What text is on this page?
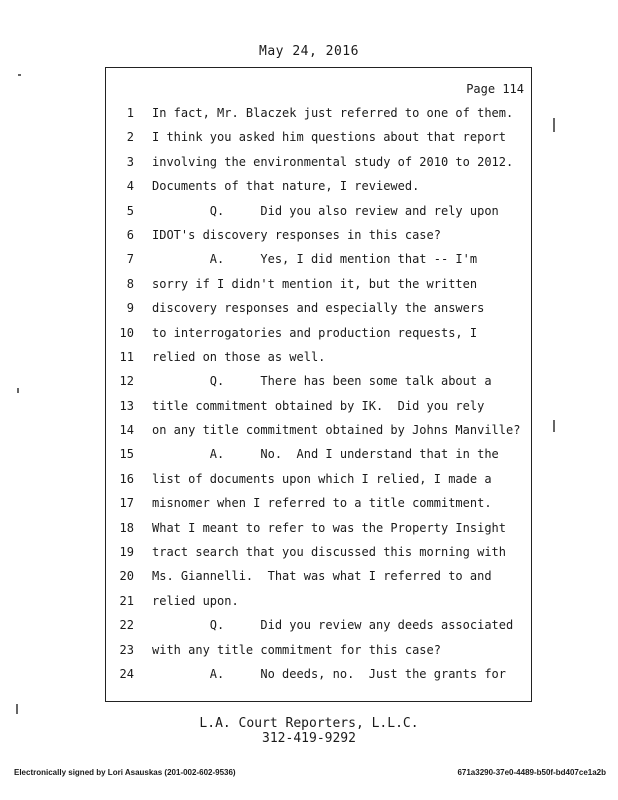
May 24, 2016
Page 114
1 In fact, Mr. Blaczek just referred to one of them.
2 I think you asked him questions about that report
3 involving the environmental study of 2010 to 2012.
4 Documents of that nature, I reviewed.
5 Q.     Did you also review and rely upon
6 IDOT's discovery responses in this case?
7 A.     Yes, I did mention that -- I'm
8 sorry if I didn't mention it, but the written
9 discovery responses and especially the answers
10 to interrogatories and production requests, I
11 relied on those as well.
12 Q.     There has been some talk about a
13 title commitment obtained by IK.  Did you rely
14 on any title commitment obtained by Johns Manville?
15 A.     No.  And I understand that in the
16 list of documents upon which I relied, I made a
17 misnomer when I referred to a title commitment.
18 What I meant to refer to was the Property Insight
19 tract search that you discussed this morning with
20 Ms. Giannelli.  That was what I referred to and
21 relied upon.
22 Q.     Did you review any deeds associated
23 with any title commitment for this case?
24 A.     No deeds, no.  Just the grants for
L.A. Court Reporters, L.L.C.
312-419-9292
Electronically signed by Lori Asauskas (201-002-602-9536)	671a3290-37e0-4489-b50f-bd407ce1a2b
